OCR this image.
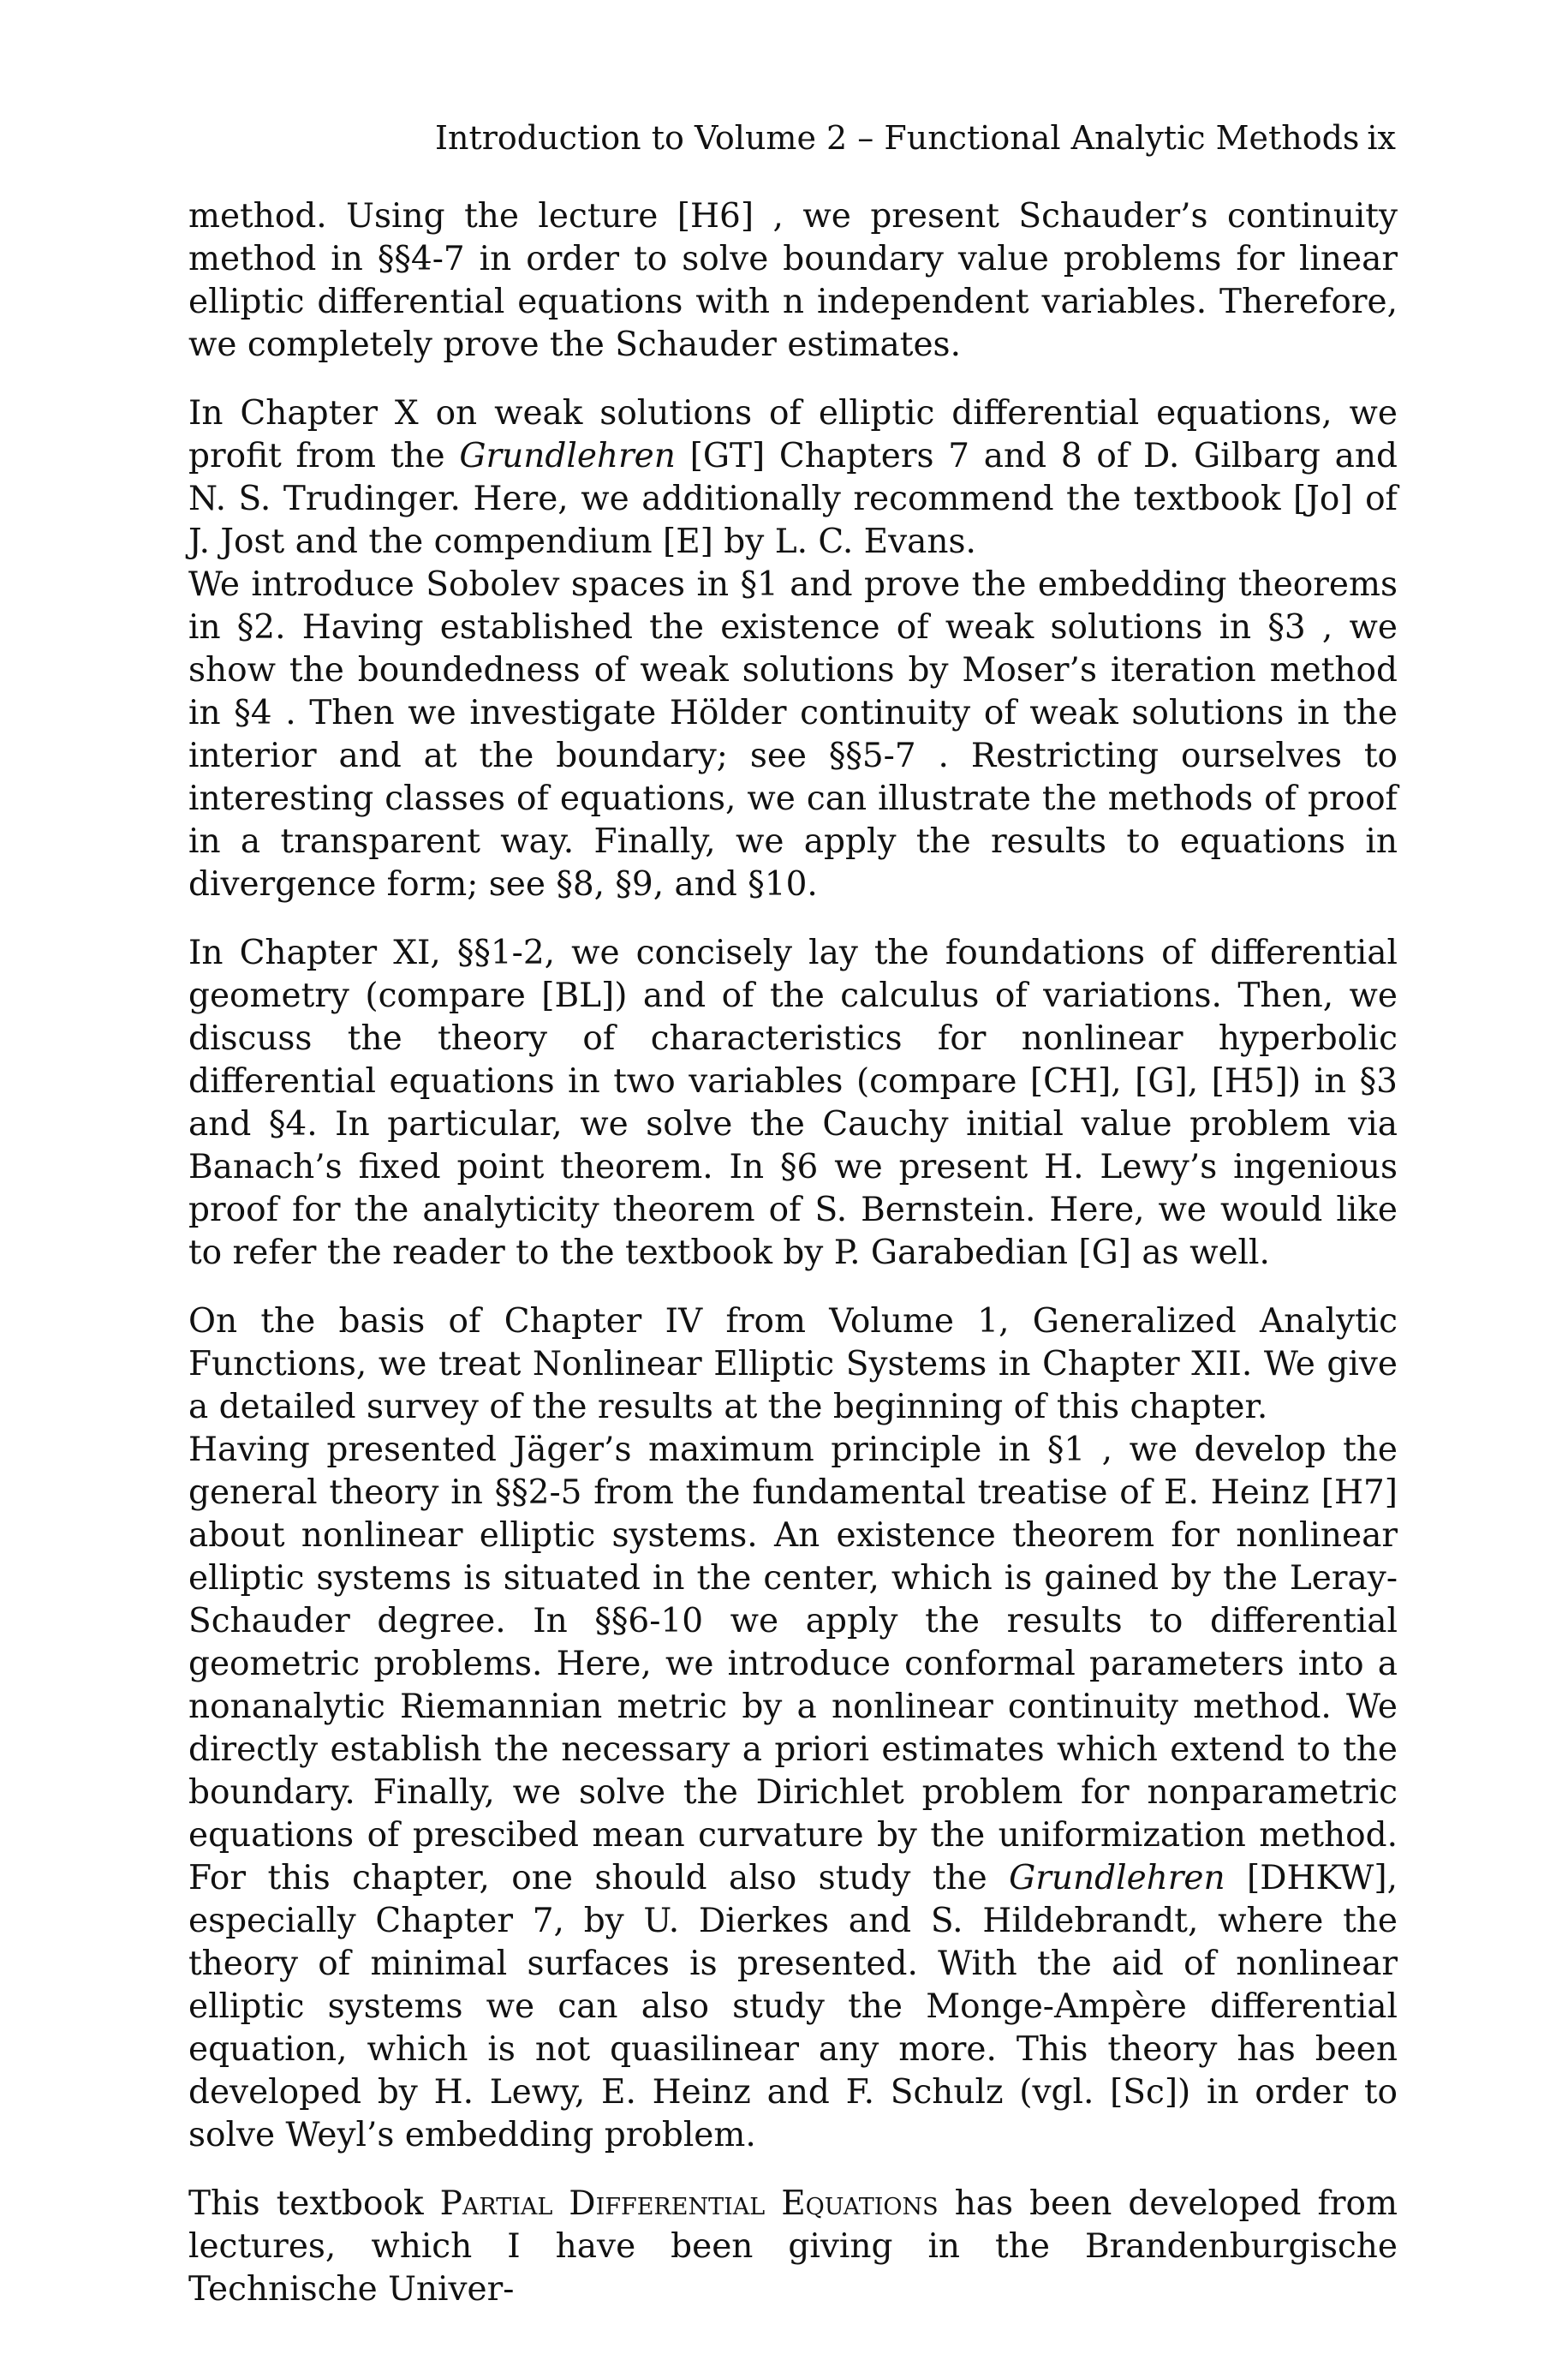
Introduction to Volume 2 – Functional Analytic Methods ix

method. Using the lecture [H6] , we present Schauder’s continuity method in §§4-7 in order to solve boundary value problems for linear elliptic differential equations with n independent variables. Therefore, we completely prove the Schauder estimates.

In Chapter X on weak solutions of elliptic differential equations, we profit from the Grundlehren [GT] Chapters 7 and 8 of D. Gilbarg and N. S. Trudinger. Here, we additionally recommend the textbook [Jo] of J. Jost and the compendium [E] by L. C. Evans.

We introduce Sobolev spaces in §1 and prove the embedding theorems in §2. Having established the existence of weak solutions in §3 , we show the boundedness of weak solutions by Moser’s iteration method in §4 . Then we investigate Hölder continuity of weak solutions in the interior and at the boundary; see §§5-7 . Restricting ourselves to interesting classes of equations, we can illustrate the methods of proof in a transparent way. Finally, we apply the results to equations in divergence form; see §8, §9, and §10.

In Chapter XI, §§1-2, we concisely lay the foundations of differential geometry (compare [BL]) and of the calculus of variations. Then, we discuss the theory of characteristics for nonlinear hyperbolic differential equations in two variables (compare [CH], [G], [H5]) in §3 and §4. In particular, we solve the Cauchy initial value problem via Banach’s fixed point theorem. In §6 we present H. Lewy’s ingenious proof for the analyticity theorem of S. Bernstein. Here, we would like to refer the reader to the textbook by P. Garabedian [G] as well.

On the basis of Chapter IV from Volume 1, Generalized Analytic Functions, we treat Nonlinear Elliptic Systems in Chapter XII. We give a detailed survey of the results at the beginning of this chapter.

Having presented Jäger’s maximum principle in §1 , we develop the general theory in §§2-5 from the fundamental treatise of E. Heinz [H7] about nonlinear elliptic systems. An existence theorem for nonlinear elliptic systems is situated in the center, which is gained by the Leray-Schauder degree. In §§6-10 we apply the results to differential geometric problems. Here, we introduce conformal parameters into a nonanalytic Riemannian metric by a nonlinear continuity method. We directly establish the necessary a priori estimates which extend to the boundary. Finally, we solve the Dirichlet problem for nonparametric equations of prescibed mean curvature by the uniformization method. For this chapter, one should also study the Grundlehren [DHKW], especially Chapter 7, by U. Dierkes and S. Hildebrandt, where the theory of minimal surfaces is presented. With the aid of nonlinear elliptic systems we can also study the Monge-Ampère differential equation, which is not quasilinear any more. This theory has been developed by H. Lewy, E. Heinz and F. Schulz (vgl. [Sc]) in order to solve Weyl’s embedding problem.

This textbook Partial Differential Equations has been developed from lectures, which I have been giving in the Brandenburgische Technische Univer-
